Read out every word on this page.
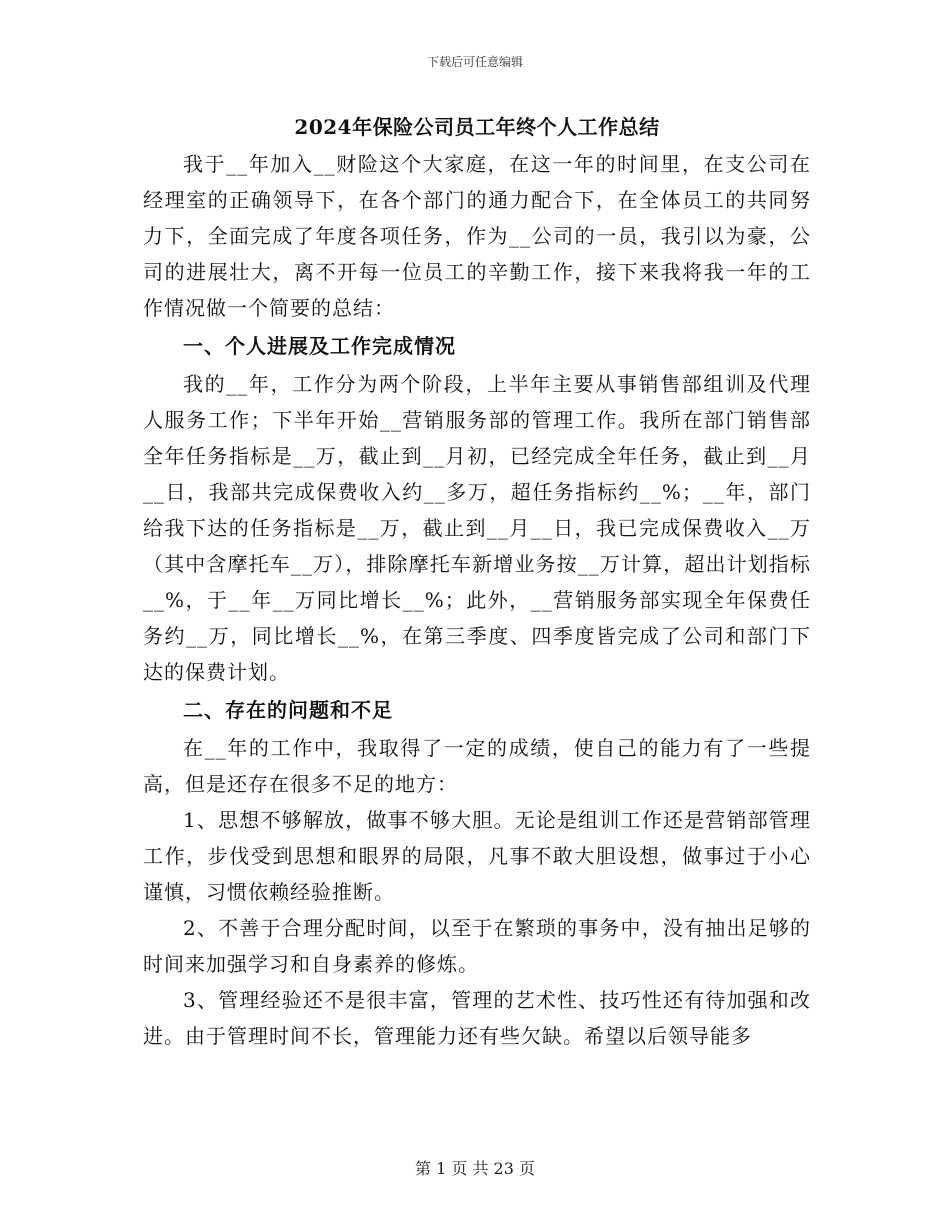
下载后可任意编辑
2024年保险公司员工年终个人工作总结

我于__年加入__财险这个大家庭，在这一年的时间里，在支公司在经理室的正确领导下，在各个部门的通力配合下，在全体员工的共同努力下，全面完成了年度各项任务，作为__公司的一员，我引以为豪，公司的进展壮大，离不开每一位员工的辛勤工作，接下来我将我一年的工作情况做一个简要的总结：

一、个人进展及工作完成情况

我的__年，工作分为两个阶段，上半年主要从事销售部组训及代理人服务工作；下半年开始__营销服务部的管理工作。我所在部门销售部全年任务指标是__万，截止到__月初，已经完成全年任务，截止到__月__日，我部共完成保费收入约__多万，超任务指标约__%；__年，部门给我下达的任务指标是__万，截止到__月__日，我已完成保费收入__万（其中含摩托车__万），排除摩托车新增业务按__万计算，超出计划指标__%，于__年__万同比增长__%；此外，__营销服务部实现全年保费任务约__万，同比增长__%，在第三季度、四季度皆完成了公司和部门下达的保费计划。

二、存在的问题和不足

在__年的工作中，我取得了一定的成绩，使自己的能力有了一些提高，但是还存在很多不足的地方：

1、思想不够解放，做事不够大胆。无论是组训工作还是营销部管理工作，步伐受到思想和眼界的局限，凡事不敢大胆设想，做事过于小心谨慎，习惯依赖经验推断。

2、不善于合理分配时间，以至于在繁琐的事务中，没有抽出足够的时间来加强学习和自身素养的修炼。

3、管理经验还不是很丰富，管理的艺术性、技巧性还有待加强和改进。由于管理时间不长，管理能力还有些欠缺。希望以后领导能多

第 1 页 共 23 页
